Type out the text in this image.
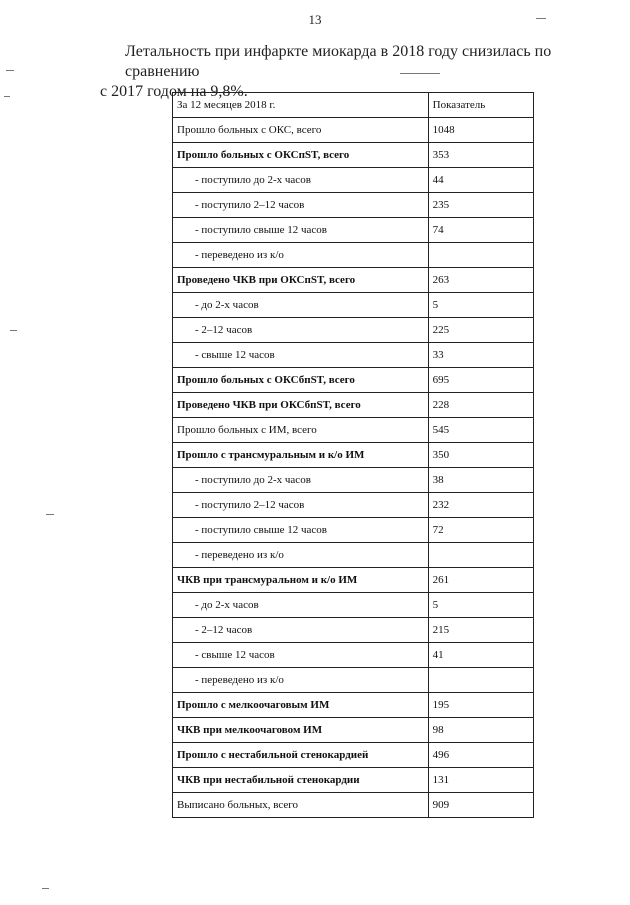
13
Летальность при инфаркте миокарда в 2018 году снизилась по сравнению
с 2017 годом на 9,8%.
За 12 месяцев 2018 г.	Показатель
Прошло больных с ОКС, всего	1048
Прошло больных с ОКСпST, всего	353
- поступило до 2-х часов	44
- поступило 2–12 часов	235
- поступило свыше 12 часов	74
- переведено из к/о	
Проведено ЧКВ при ОКСпST, всего	263
- до 2-х часов	5
- 2–12 часов	225
- свыше 12 часов	33
Прошло больных с ОКСбпST, всего	695
Проведено ЧКВ при ОКСбпST, всего	228
Прошло больных с ИМ, всего	545
Прошло с трансмуральным и к/о ИМ	350
- поступило до 2-х часов	38
- поступило 2–12 часов	232
- поступило свыше 12 часов	72
- переведено из к/о	
ЧКВ при трансмуральном и к/о ИМ	261
- до 2-х часов	5
- 2–12 часов	215
- свыше 12 часов	41
- переведено из к/о	
Прошло с мелкоочаговым ИМ	195
ЧКВ при мелкоочаговом ИМ	98
Прошло с нестабильной стенокардией	496
ЧКВ при нестабильной стенокардии	131
Выписано больных, всего	909
